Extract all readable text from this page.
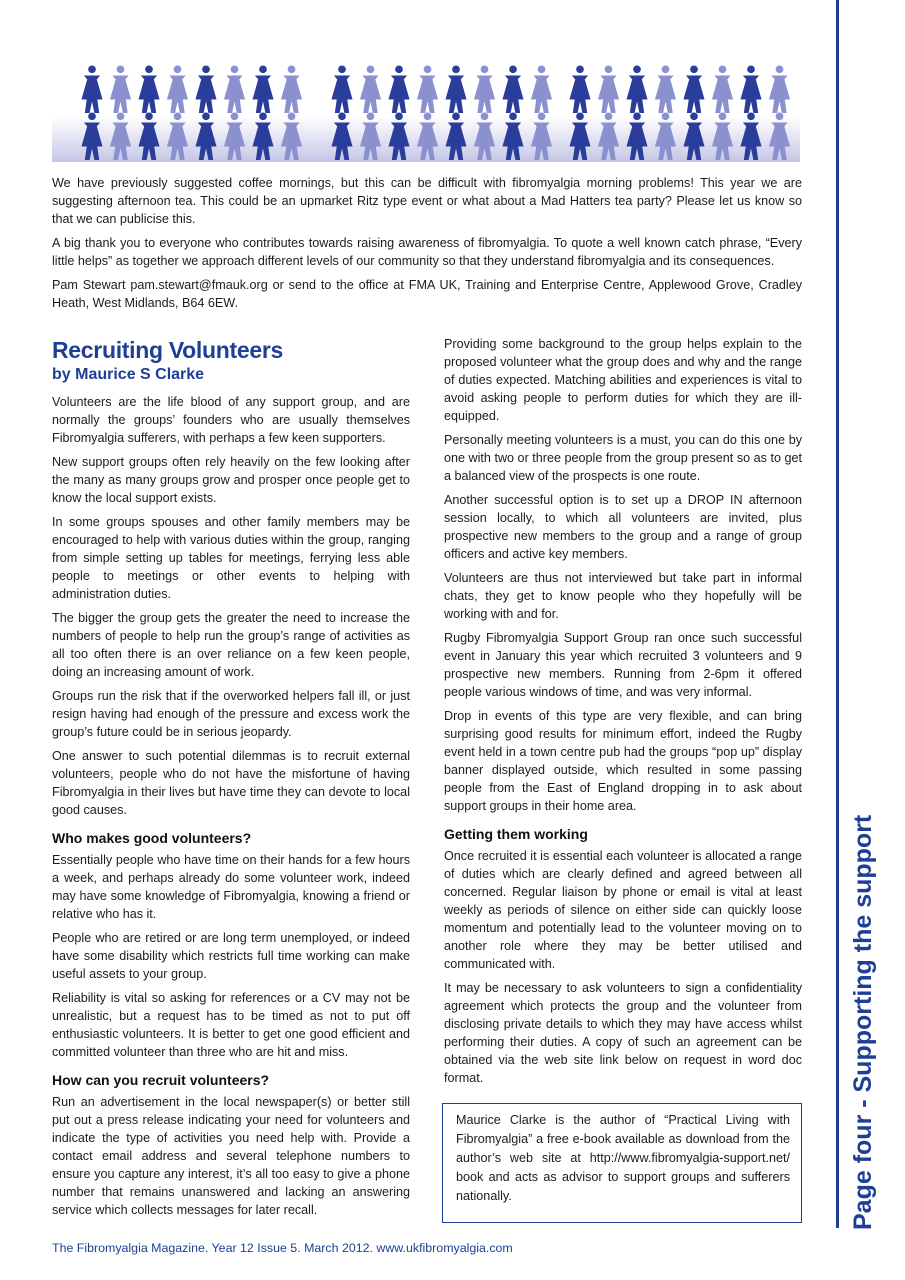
We have previously suggested coffee mornings, but this can be difficult with fibromyalgia morning problems! This year we are suggesting afternoon tea. This could be an upmarket Ritz type event or what about a Mad Hatters tea party? Please let us know so that we can publicise this.

A big thank you to everyone who contributes towards raising awareness of fibromyalgia. To quote a well known catch phrase, “Every little helps” as together we approach different levels of our community so that they understand fibromyalgia and its consequences.

Pam Stewart pam.stewart@fmauk.org or send to the office at FMA UK, Training and Enterprise Centre, Applewood Grove, Cradley Heath, West Midlands, B64 6EW.

Recruiting Volunteers
by Maurice S Clarke

Volunteers are the life blood of any support group, and are normally the groups’ founders who are usually themselves Fibromyalgia sufferers, with perhaps a few keen supporters.

New support groups often rely heavily on the few looking after the many as many groups grow and prosper once people get to know the local support exists.

In some groups spouses and other family members may be encouraged to help with various duties within the group, ranging from simple setting up tables for meetings, ferrying less able people to meetings or other events to helping with administration duties.

The bigger the group gets the greater the need to increase the numbers of people to help run the group’s range of activities as all too often there is an over reliance on a few keen people, doing an increasing amount of work.

Groups run the risk that if the overworked helpers fall ill, or just resign having had enough of the pressure and excess work the group’s future could be in serious jeopardy.

One answer to such potential dilemmas is to recruit external volunteers, people who do not have the misfortune of having Fibromyalgia in their lives but have time they can devote to local good causes.

Who makes good volunteers?

Essentially people who have time on their hands for a few hours a week, and perhaps already do some volunteer work, indeed may have some knowledge of Fibromyalgia, knowing a friend or relative who has it.

People who are retired or are long term unemployed, or indeed have some disability which restricts full time working can make useful assets to your group.

Reliability is vital so asking for references or a CV may not be unrealistic, but a request has to be timed as not to put off enthusiastic volunteers. It is better to get one good efficient and committed volunteer than three who are hit and miss.

How can you recruit volunteers?

Run an advertisement in the local newspaper(s) or better still put out a press release indicating your need for volunteers and indicate the type of activities you need help with. Provide a contact email address and several telephone numbers to ensure you capture any interest, it’s all too easy to give a phone number that remains unanswered and lacking an answering service which collects messages for later recall.

Providing some background to the group helps explain to the proposed volunteer what the group does and why and the range of duties expected. Matching abilities and experiences is vital to avoid asking people to perform duties for which they are ill-equipped.

Personally meeting volunteers is a must, you can do this one by one with two or three people from the group present so as to get a balanced view of the prospects is one route.

Another successful option is to set up a DROP IN afternoon session locally, to which all volunteers are invited, plus prospective new members to the group and a range of group officers and active key members.

Volunteers are thus not interviewed but take part in informal chats, they get to know people who they hopefully will be working with and for.

Rugby Fibromyalgia Support Group ran once such successful event in January this year which recruited 3 volunteers and 9 prospective new members. Running from 2-6pm it offered people various windows of time, and was very informal.

Drop in events of this type are very flexible, and can bring surprising good results for minimum effort, indeed the Rugby event held in a town centre pub had the groups “pop up” display banner displayed outside, which resulted in some passing people from the East of England dropping in to ask about support groups in their home area.

Getting them working

Once recruited it is essential each volunteer is allocated a range of duties which are clearly defined and agreed between all concerned. Regular liaison by phone or email is vital at least weekly as periods of silence on either side can quickly loose momentum and potentially lead to the volunteer moving on to another role where they may be better utilised and communicated with.

It may be necessary to ask volunteers to sign a confidentiality agreement which protects the group and the volunteer from disclosing private details to which they may have access whilst performing their duties. A copy of such an agreement can be obtained via the web site link below on request in word doc format.

Maurice Clarke is the author of “Practical Living with Fibromyalgia” a free e-book available as download from the author’s web site at http://www.fibromyalgia-support.net/ book and acts as advisor to support groups and sufferers nationally.
The Fibromyalgia Magazine. Year 12 Issue 5. March 2012. www.ukfibromyalgia.com
Page four - Supporting the support
